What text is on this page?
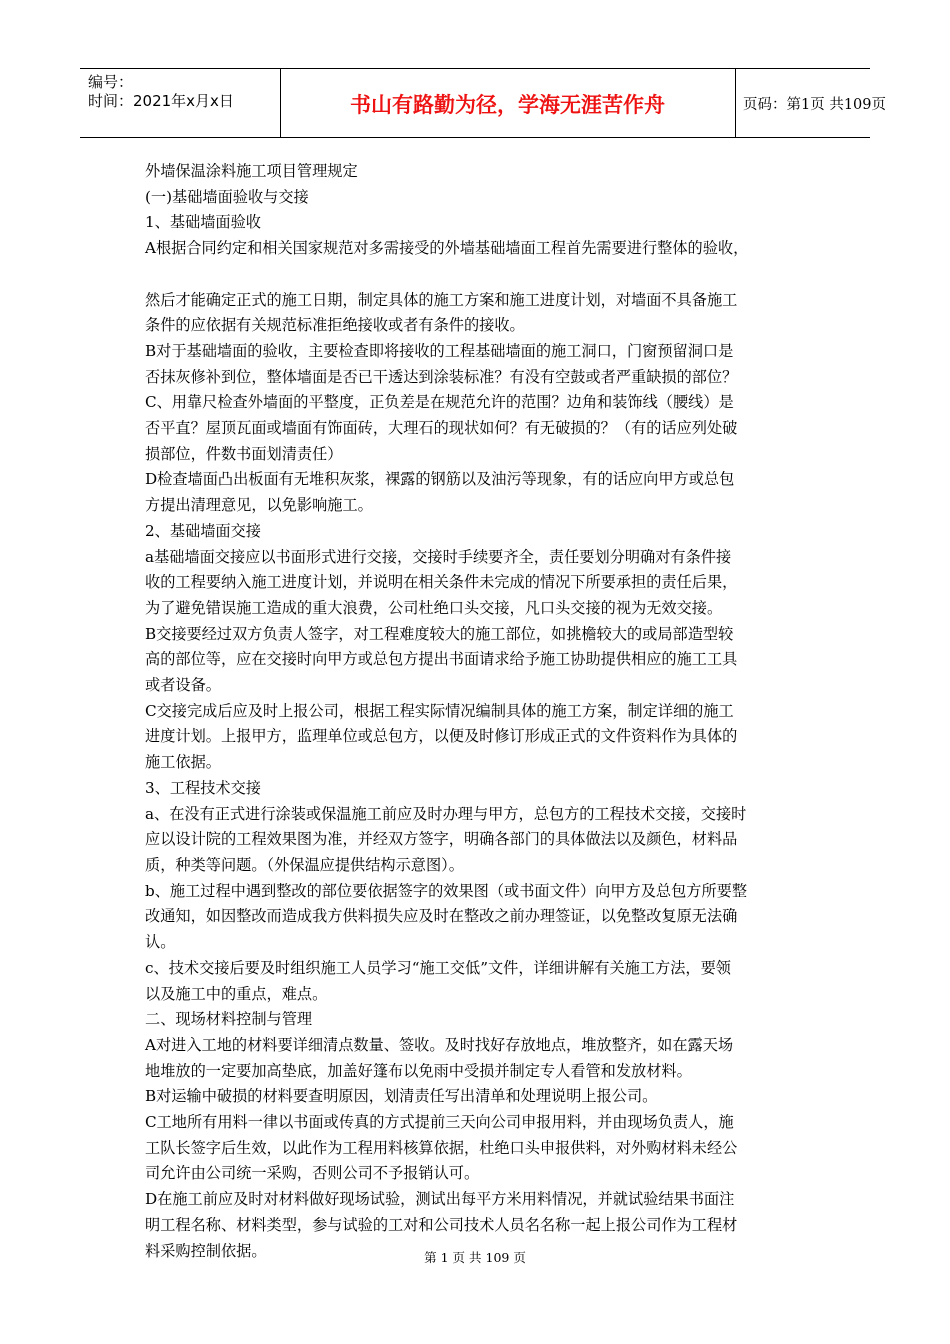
编号：
时间：2021年x月x日	书山有路勤为径，学海无涯苦作舟	页码：第1页 共109页

外墙保温涂料施工项目管理规定

(一)基础墙面验收与交接

1、基础墙面验收

A根据合同约定和相关国家规范对多需接受的外墙基础墙面工程首先需要进行整体的验收，

然后才能确定正式的施工日期，制定具体的施工方案和施工进度计划，对墙面不具备施工

条件的应依据有关规范标准拒绝接收或者有条件的接收。

B对于基础墙面的验收，主要检查即将接收的工程基础墙面的施工洞口，门窗预留洞口是

否抹灰修补到位，整体墙面是否已干透达到涂装标准？有没有空鼓或者严重缺损的部位？

C、用靠尺检查外墙面的平整度，正负差是在规范允许的范围？边角和装饰线（腰线）是

否平直？屋顶瓦面或墙面有饰面砖，大理石的现状如何？有无破损的？（有的话应列处破

损部位，件数书面划清责任）

D检查墙面凸出板面有无堆积灰浆，裸露的钢筋以及油污等现象，有的话应向甲方或总包

方提出清理意见，以免影响施工。

2、基础墙面交接

a基础墙面交接应以书面形式进行交接，交接时手续要齐全，责任要划分明确对有条件接

收的工程要纳入施工进度计划，并说明在相关条件未完成的情况下所要承担的责任后果，

为了避免错误施工造成的重大浪费，公司杜绝口头交接，凡口头交接的视为无效交接。

B交接要经过双方负责人签字，对工程难度较大的施工部位，如挑檐较大的或局部造型较

高的部位等，应在交接时向甲方或总包方提出书面请求给予施工协助提供相应的施工工具

或者设备。

C交接完成后应及时上报公司，根据工程实际情况编制具体的施工方案，制定详细的施工

进度计划。上报甲方，监理单位或总包方，以便及时修订形成正式的文件资料作为具体的

施工依据。

3、工程技术交接

a、在没有正式进行涂装或保温施工前应及时办理与甲方，总包方的工程技术交接，交接时

应以设计院的工程效果图为准，并经双方签字，明确各部门的具体做法以及颜色，材料品

质，种类等问题。（外保温应提供结构示意图）。

b、施工过程中遇到整改的部位要依据签字的效果图（或书面文件）向甲方及总包方所要整

改通知，如因整改而造成我方供料损失应及时在整改之前办理签证，以免整改复原无法确

认。

c、技术交接后要及时组织施工人员学习“施工交低”文件，详细讲解有关施工方法，要领

以及施工中的重点，难点。

二、现场材料控制与管理

A对进入工地的材料要详细清点数量、签收。及时找好存放地点，堆放整齐，如在露天场

地堆放的一定要加高垫底，加盖好篷布以免雨中受损并制定专人看管和发放材料。

B对运输中破损的材料要查明原因，划清责任写出清单和处理说明上报公司。

C工地所有用料一律以书面或传真的方式提前三天向公司申报用料，并由现场负责人，施

工队长签字后生效，以此作为工程用料核算依据，杜绝口头申报供料，对外购材料未经公

司允许由公司统一采购，否则公司不予报销认可。

D在施工前应及时对材料做好现场试验，测试出每平方米用料情况，并就试验结果书面注

明工程名称、材料类型，参与试验的工对和公司技术人员名名称一起上报公司作为工程材

料采购控制依据。	第 1 页 共 109 页
